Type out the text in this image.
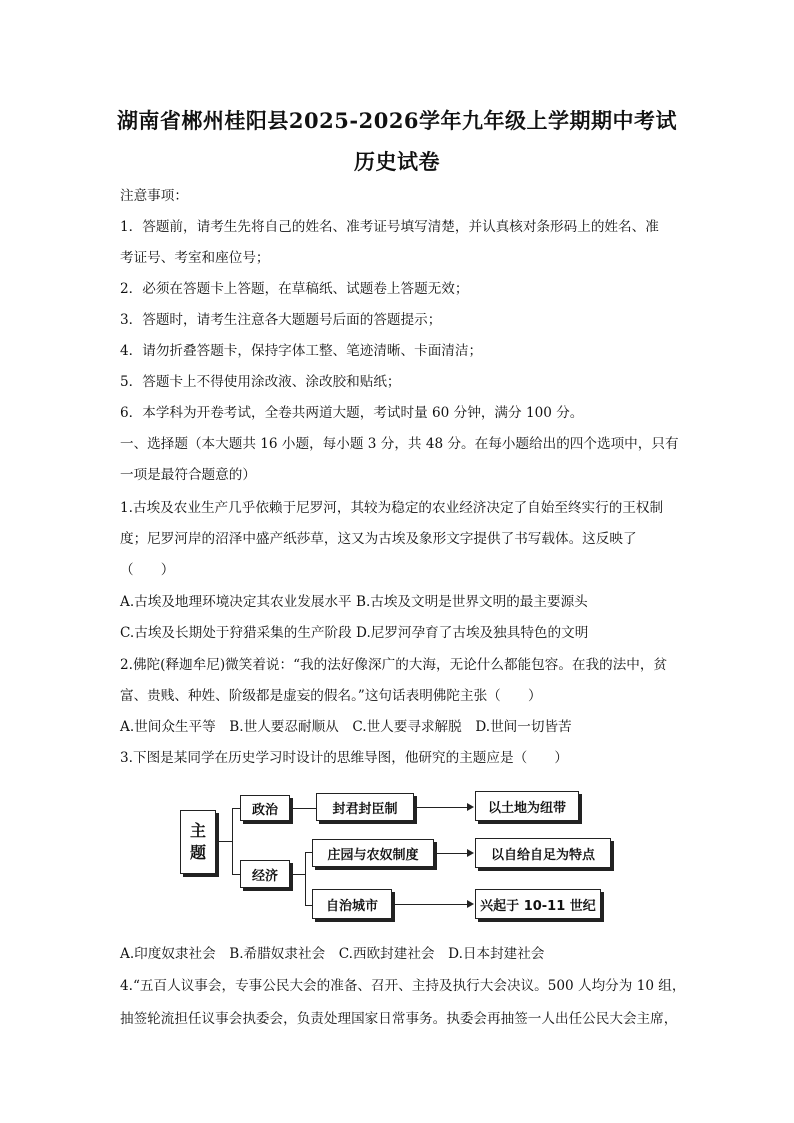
湖南省郴州桂阳县2025-2026学年九年级上学期期中考试
历史试卷
注意事项：
1．答题前，请考生先将自己的姓名、准考证号填写清楚，并认真核对条形码上的姓名、准
考证号、考室和座位号；
2．必须在答题卡上答题，在草稿纸、试题卷上答题无效；
3．答题时，请考生注意各大题题号后面的答题提示；
4．请勿折叠答题卡，保持字体工整、笔迹清晰、卡面清洁；
5．答题卡上不得使用涂改液、涂改胶和贴纸；
6．本学科为开卷考试，全卷共两道大题，考试时量 60 分钟，满分 100 分。
一、选择题（本大题共 16 小题，每小题 3 分，共 48 分。在每小题给出的四个选项中，只有
一项是最符合题意的）
1.古埃及农业生产几乎依赖于尼罗河，其较为稳定的农业经济决定了自始至终实行的王权制
度；尼罗河岸的沼泽中盛产纸莎草，这又为古埃及象形文字提供了书写载体。这反映了
（　　）
A.古埃及地理环境决定其农业发展水平 B.古埃及文明是世界文明的最主要源头
C.古埃及长期处于狩猎采集的生产阶段 D.尼罗河孕育了古埃及独具特色的文明
2.佛陀(释迦牟尼)微笑着说：“我的法好像深广的大海，无论什么都能包容。在我的法中，贫
富、贵贱、种姓、阶级都是虚妄的假名。”这句话表明佛陀主张（　　）
A.世间众生平等　B.世人要忍耐顺从　C.世人要寻求解脱　D.世间一切皆苦
3.下图是某同学在历史学习时设计的思维导图，他研究的主题应是（　　）
主
题
政治	封君封臣制	以土地为纽带
经济
庄园与农奴制度	以自给自足为特点
自治城市	兴起于 10-11 世纪
A.印度奴隶社会　B.希腊奴隶社会　C.西欧封建社会　D.日本封建社会
4.“五百人议事会，专事公民大会的准备、召开、主持及执行大会决议。500 人均分为 10 组，
抽签轮流担任议事会执委会，负责处理国家日常事务。执委会再抽签一人出任公民大会主席，
